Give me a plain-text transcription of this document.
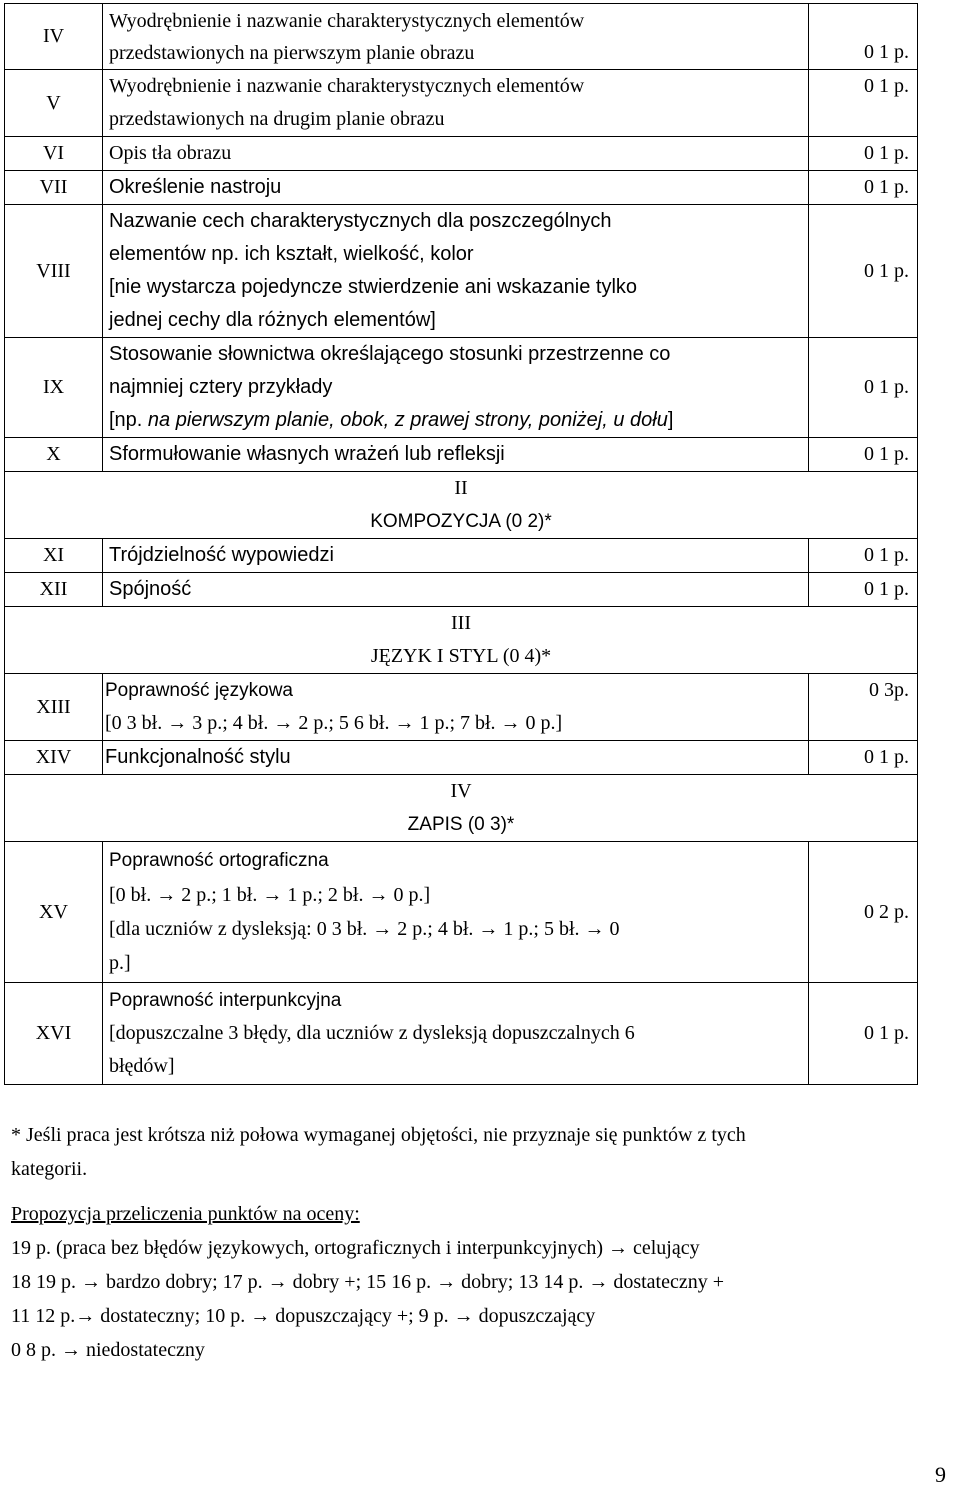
IV	Wyodrębnienie i nazwanie charakterystycznych elementów
przedstawionych na pierwszym planie obrazu	0 1 p.
V	Wyodrębnienie i nazwanie charakterystycznych elementów
przedstawionych na drugim planie obrazu	0 1 p.
VI	Opis tła obrazu	0 1 p.
VII	Określenie nastroju	0 1 p.
VIII	Nazwanie cech charakterystycznych dla poszczególnych
elementów np. ich kształt, wielkość, kolor
[nie wystarcza pojedyncze stwierdzenie ani wskazanie tylko
jednej cechy dla różnych elementów]	0 1 p.
IX	Stosowanie słownictwa określającego stosunki przestrzenne co
najmniej cztery przykłady
[np. na pierwszym planie, obok, z prawej strony, poniżej, u dołu]	0 1 p.
X	Sformułowanie własnych wrażeń lub refleksji	0 1 p.

II
KOMPOZYCJA (0 2)*		

XI	Trójdzielność wypowiedzi	0 1 p.
XII	Spójność	0 1 p.

III
JĘZYK I STYL (0 4)*		

XIII	Poprawność językowa
[0 3 bł. → 3 p.; 4 bł. → 2 p.; 5 6 bł. → 1 p.; 7 bł. → 0 p.]	0 3p.
XIV	Funkcjonalność stylu	0 1 p.

IV
ZAPIS (0 3)*		

XV	Poprawność ortograficzna
[0 bł. → 2 p.; 1 bł. → 1 p.; 2 bł. → 0 p.]
[dla uczniów z dysleksją: 0 3 bł. → 2 p.; 4 bł. → 1 p.; 5 bł. → 0
p.]	0 2 p.
XVI	Poprawność interpunkcyjna
[dopuszczalne 3 błędy, dla uczniów z dysleksją dopuszczalnych 6
błędów]	0 1 p.
* Jeśli praca jest krótsza niż połowa wymaganej objętości, nie przyznaje się punktów z tych
kategorii.
Propozycja przeliczenia punktów na oceny:
19 p. (praca bez błędów językowych, ortograficznych i interpunkcyjnych) → celujący
18 19 p. → bardzo dobry; 17 p. → dobry +; 15 16 p. → dobry; 13 14 p. → dostateczny +
11 12 p.→ dostateczny; 10 p. → dopuszczający +; 9 p. → dopuszczający
0 8 p. → niedostateczny
9
